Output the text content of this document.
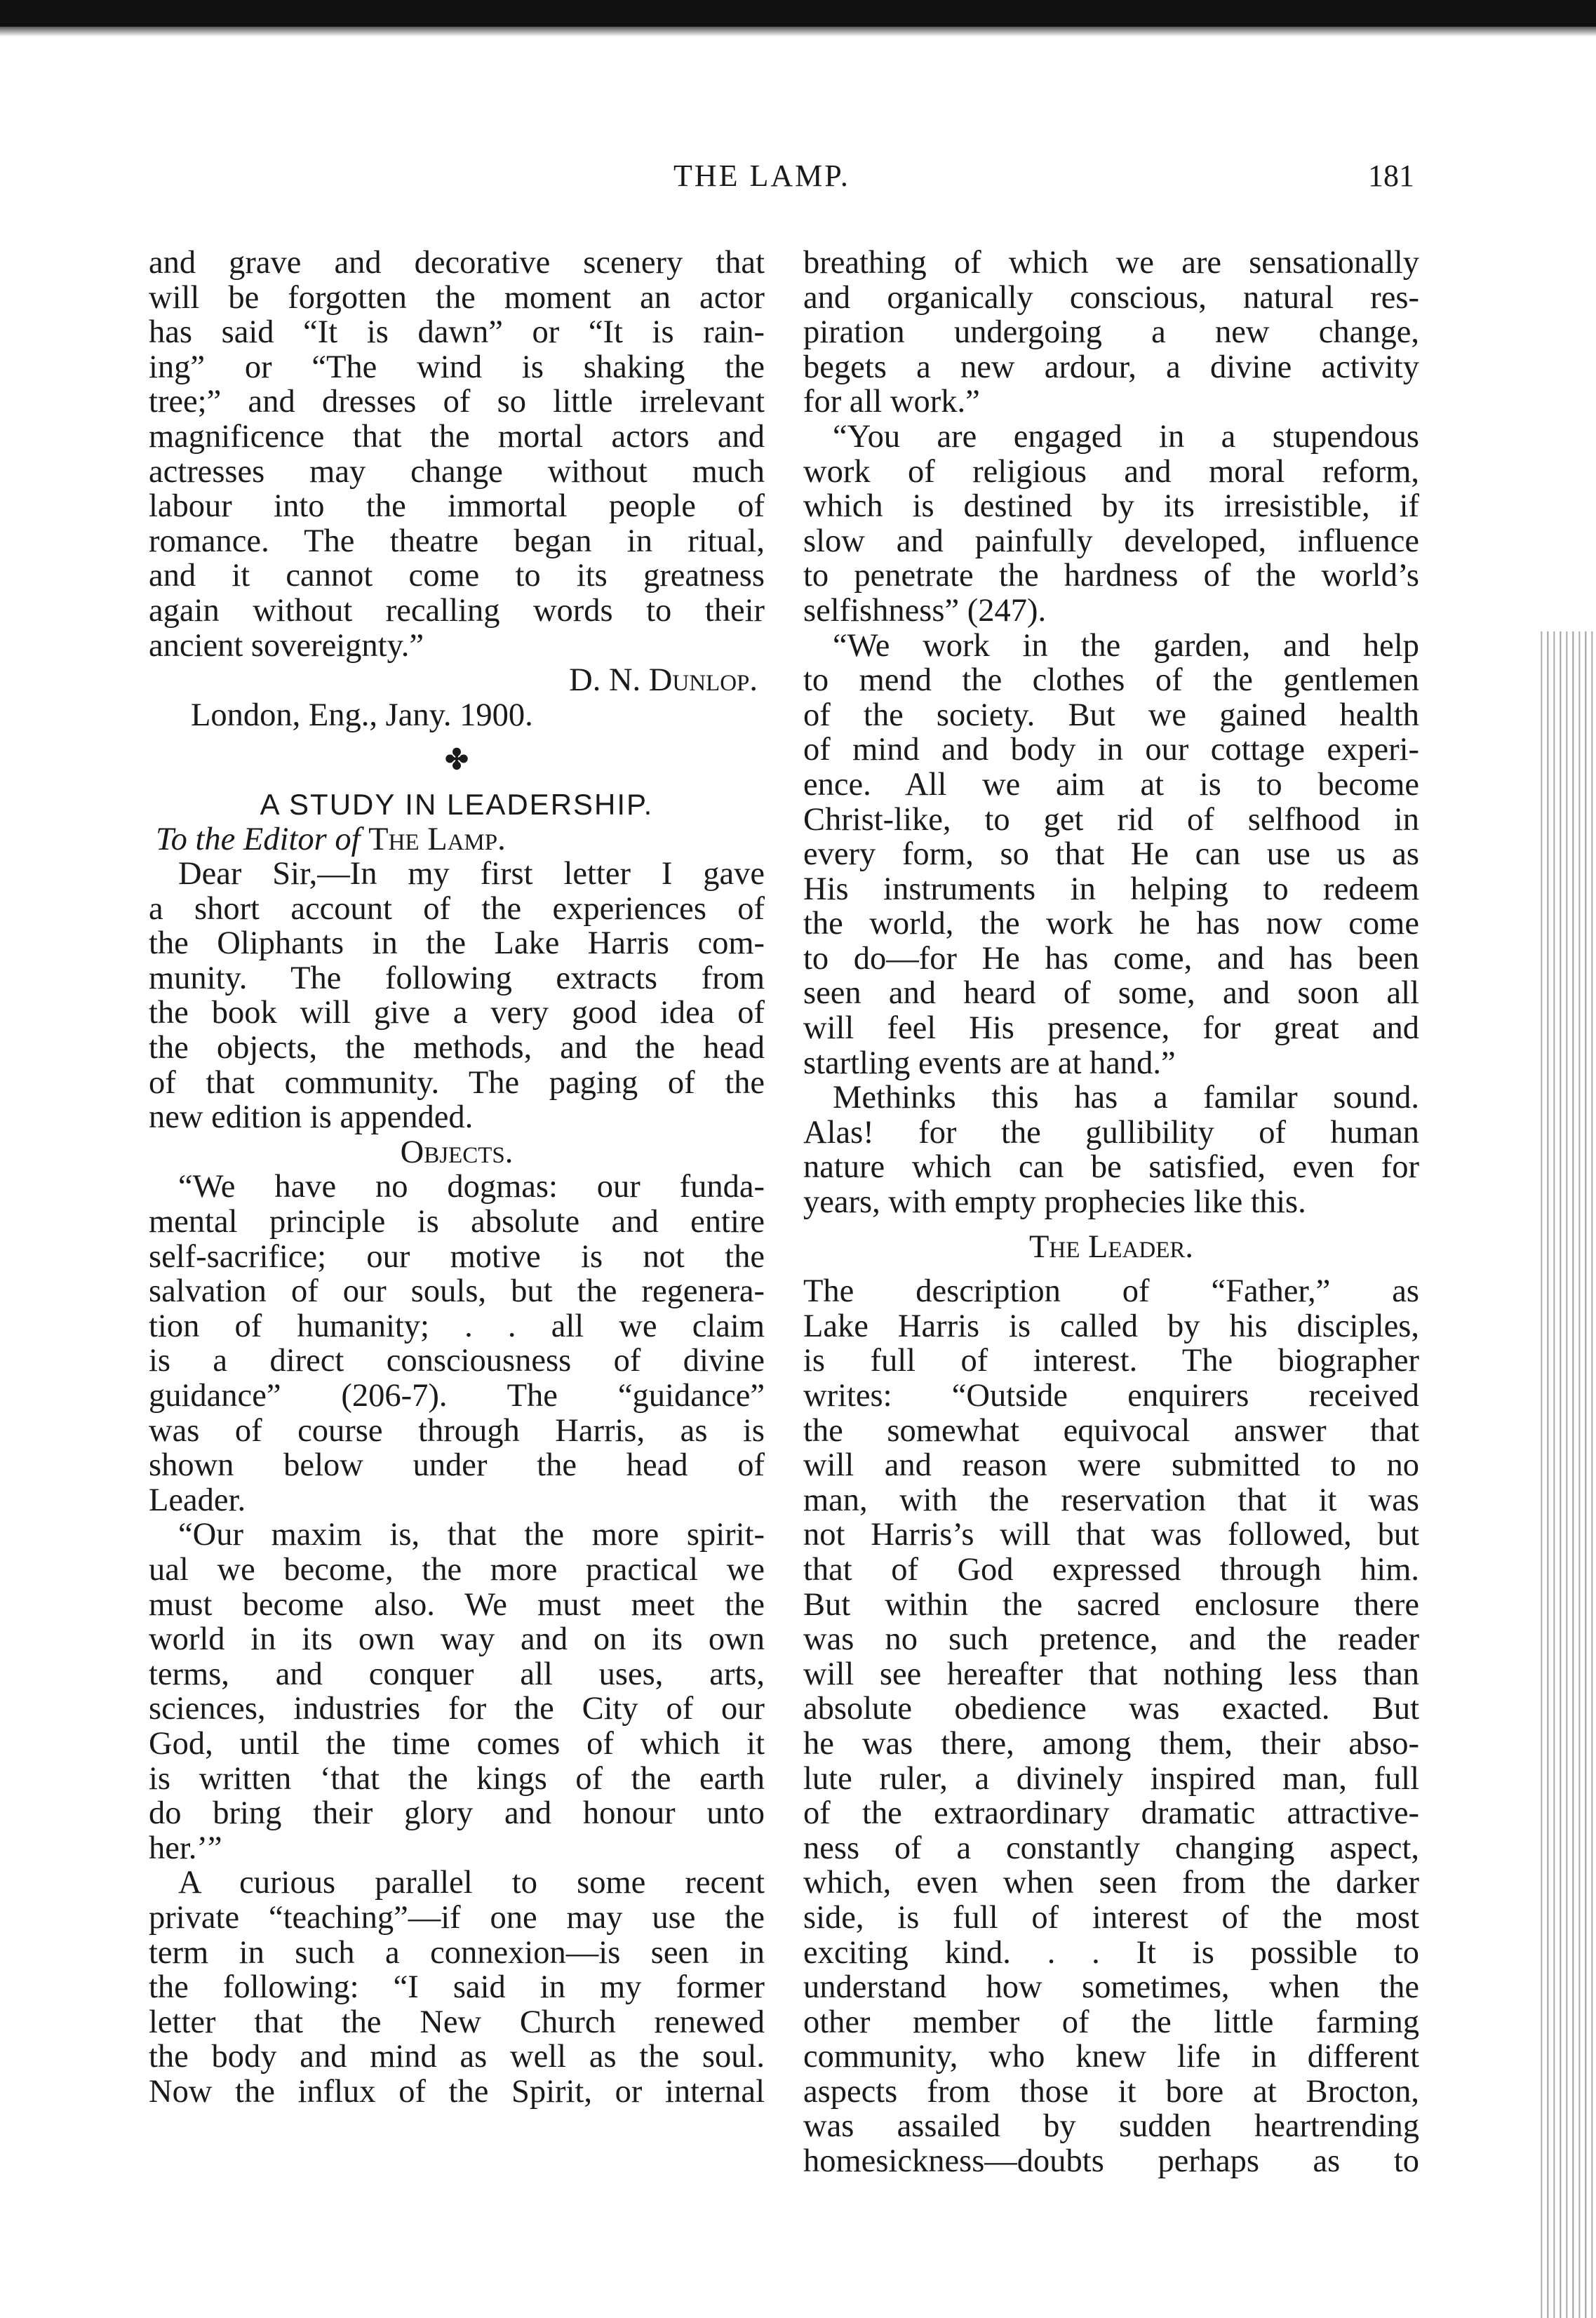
THE LAMP.	181
and grave and decorative scenery that
will be forgotten the moment an actor
has said “It is dawn” or “It is rain-
ing” or “The wind is shaking the
tree;” and dresses of so little irrelevant
magnificence that the mortal actors and
actresses may change without much
labour into the immortal people of
romance. The theatre began in ritual,
and it cannot come to its greatness
again without recalling words to their
ancient sovereignty.”
D. N. Dunlop.
London, Eng., Jany. 1900.
✤
A STUDY IN LEADERSHIP.
To the Editor of The Lamp.
Dear Sir,—In my first letter I gave
a short account of the experiences of
the Oliphants in the Lake Harris com-
munity. The following extracts from
the book will give a very good idea of
the objects, the methods, and the head
of that community. The paging of the
new edition is appended.
Objects.
“We have no dogmas: our funda-
mental principle is absolute and entire
self-sacrifice; our motive is not the
salvation of our souls, but the regenera-
tion of humanity; . . all we claim
is a direct consciousness of divine
guidance” (206-7). The “guidance”
was of course through Harris, as is
shown below under the head of
Leader.
“Our maxim is, that the more spirit-
ual we become, the more practical we
must become also. We must meet the
world in its own way and on its own
terms, and conquer all uses, arts,
sciences, industries for the City of our
God, until the time comes of which it
is written ‘that the kings of the earth
do bring their glory and honour unto
her.’”
A curious parallel to some recent
private “teaching”—if one may use the
term in such a connexion—is seen in
the following: “I said in my former
letter that the New Church renewed
the body and mind as well as the soul.
Now the influx of the Spirit, or internal
breathing of which we are sensationally
and organically conscious, natural res-
piration undergoing a new change,
begets a new ardour, a divine activity
for all work.”
“You are engaged in a stupendous
work of religious and moral reform,
which is destined by its irresistible, if
slow and painfully developed, influence
to penetrate the hardness of the world’s
selfishness” (247).
“We work in the garden, and help
to mend the clothes of the gentlemen
of the society. But we gained health
of mind and body in our cottage experi-
ence. All we aim at is to become
Christ-like, to get rid of selfhood in
every form, so that He can use us as
His instruments in helping to redeem
the world, the work he has now come
to do—for He has come, and has been
seen and heard of some, and soon all
will feel His presence, for great and
startling events are at hand.”
Methinks this has a familar sound.
Alas! for the gullibility of human
nature which can be satisfied, even for
years, with empty prophecies like this.
The Leader.
The description of “Father,” as
Lake Harris is called by his disciples,
is full of interest. The biographer
writes: “Outside enquirers received
the somewhat equivocal answer that
will and reason were submitted to no
man, with the reservation that it was
not Harris’s will that was followed, but
that of God expressed through him.
But within the sacred enclosure there
was no such pretence, and the reader
will see hereafter that nothing less than
absolute obedience was exacted. But
he was there, among them, their abso-
lute ruler, a divinely inspired man, full
of the extraordinary dramatic attractive-
ness of a constantly changing aspect,
which, even when seen from the darker
side, is full of interest of the most
exciting kind. . . It is possible to
understand how sometimes, when the
other member of the little farming
community, who knew life in different
aspects from those it bore at Brocton,
was assailed by sudden heartrending
homesickness—doubts perhaps as to
